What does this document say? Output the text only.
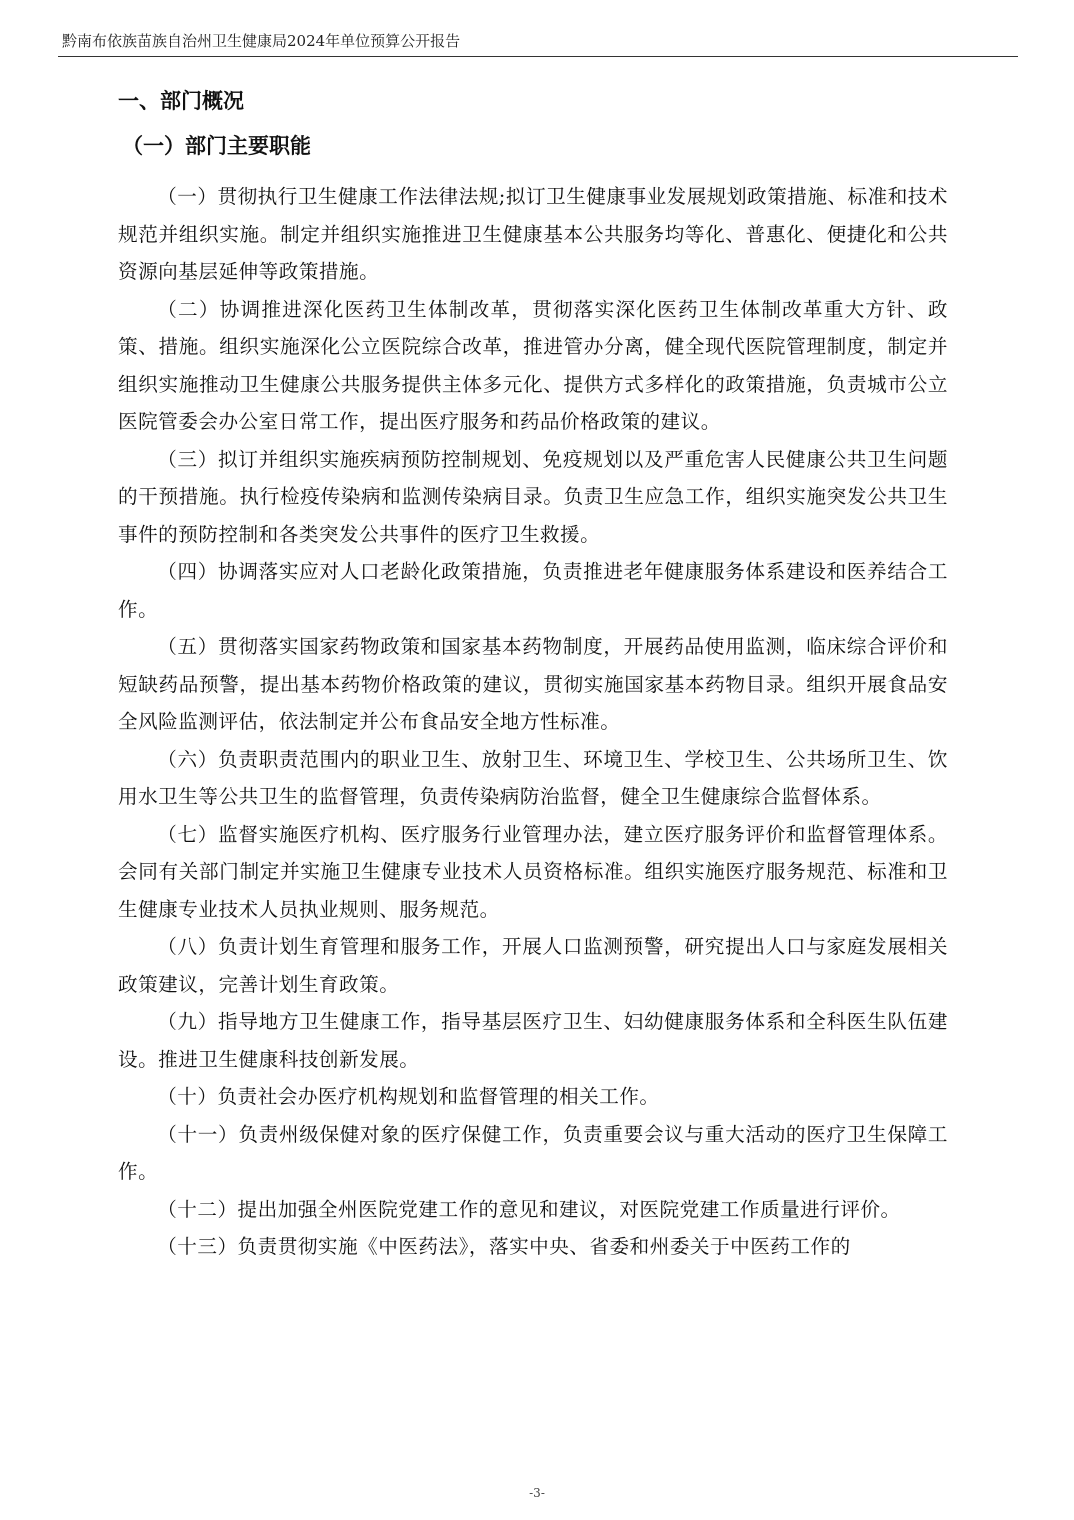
黔南布依族苗族自治州卫生健康局2024年单位预算公开报告
一、部门概况
（一）部门主要职能

（一）贯彻执行卫生健康工作法律法规;拟订卫生健康事业发展规划政策措施、标准和技术规范并组织实施。制定并组织实施推进卫生健康基本公共服务均等化、普惠化、便捷化和公共资源向基层延伸等政策措施。

（二）协调推进深化医药卫生体制改革，贯彻落实深化医药卫生体制改革重大方针、政策、措施。组织实施深化公立医院综合改革，推进管办分离，健全现代医院管理制度，制定并组织实施推动卫生健康公共服务提供主体多元化、提供方式多样化的政策措施，负责城市公立医院管委会办公室日常工作，提出医疗服务和药品价格政策的建议。

（三）拟订并组织实施疾病预防控制规划、免疫规划以及严重危害人民健康公共卫生问题的干预措施。执行检疫传染病和监测传染病目录。负责卫生应急工作，组织实施突发公共卫生事件的预防控制和各类突发公共事件的医疗卫生救援。

（四）协调落实应对人口老龄化政策措施，负责推进老年健康服务体系建设和医养结合工作。

（五）贯彻落实国家药物政策和国家基本药物制度，开展药品使用监测，临床综合评价和短缺药品预警，提出基本药物价格政策的建议，贯彻实施国家基本药物目录。组织开展食品安全风险监测评估，依法制定并公布食品安全地方性标准。

（六）负责职责范围内的职业卫生、放射卫生、环境卫生、学校卫生、公共场所卫生、饮用水卫生等公共卫生的监督管理，负责传染病防治监督，健全卫生健康综合监督体系。

（七）监督实施医疗机构、医疗服务行业管理办法，建立医疗服务评价和监督管理体系。会同有关部门制定并实施卫生健康专业技术人员资格标准。组织实施医疗服务规范、标准和卫生健康专业技术人员执业规则、服务规范。

（八）负责计划生育管理和服务工作，开展人口监测预警，研究提出人口与家庭发展相关政策建议，完善计划生育政策。

（九）指导地方卫生健康工作，指导基层医疗卫生、妇幼健康服务体系和全科医生队伍建设。推进卫生健康科技创新发展。

（十）负责社会办医疗机构规划和监督管理的相关工作。

（十一）负责州级保健对象的医疗保健工作，负责重要会议与重大活动的医疗卫生保障工作。

（十二）提出加强全州医院党建工作的意见和建议，对医院党建工作质量进行评价。

（十三）负责贯彻实施《中医药法》，落实中央、省委和州委关于中医药工作的

-3-
